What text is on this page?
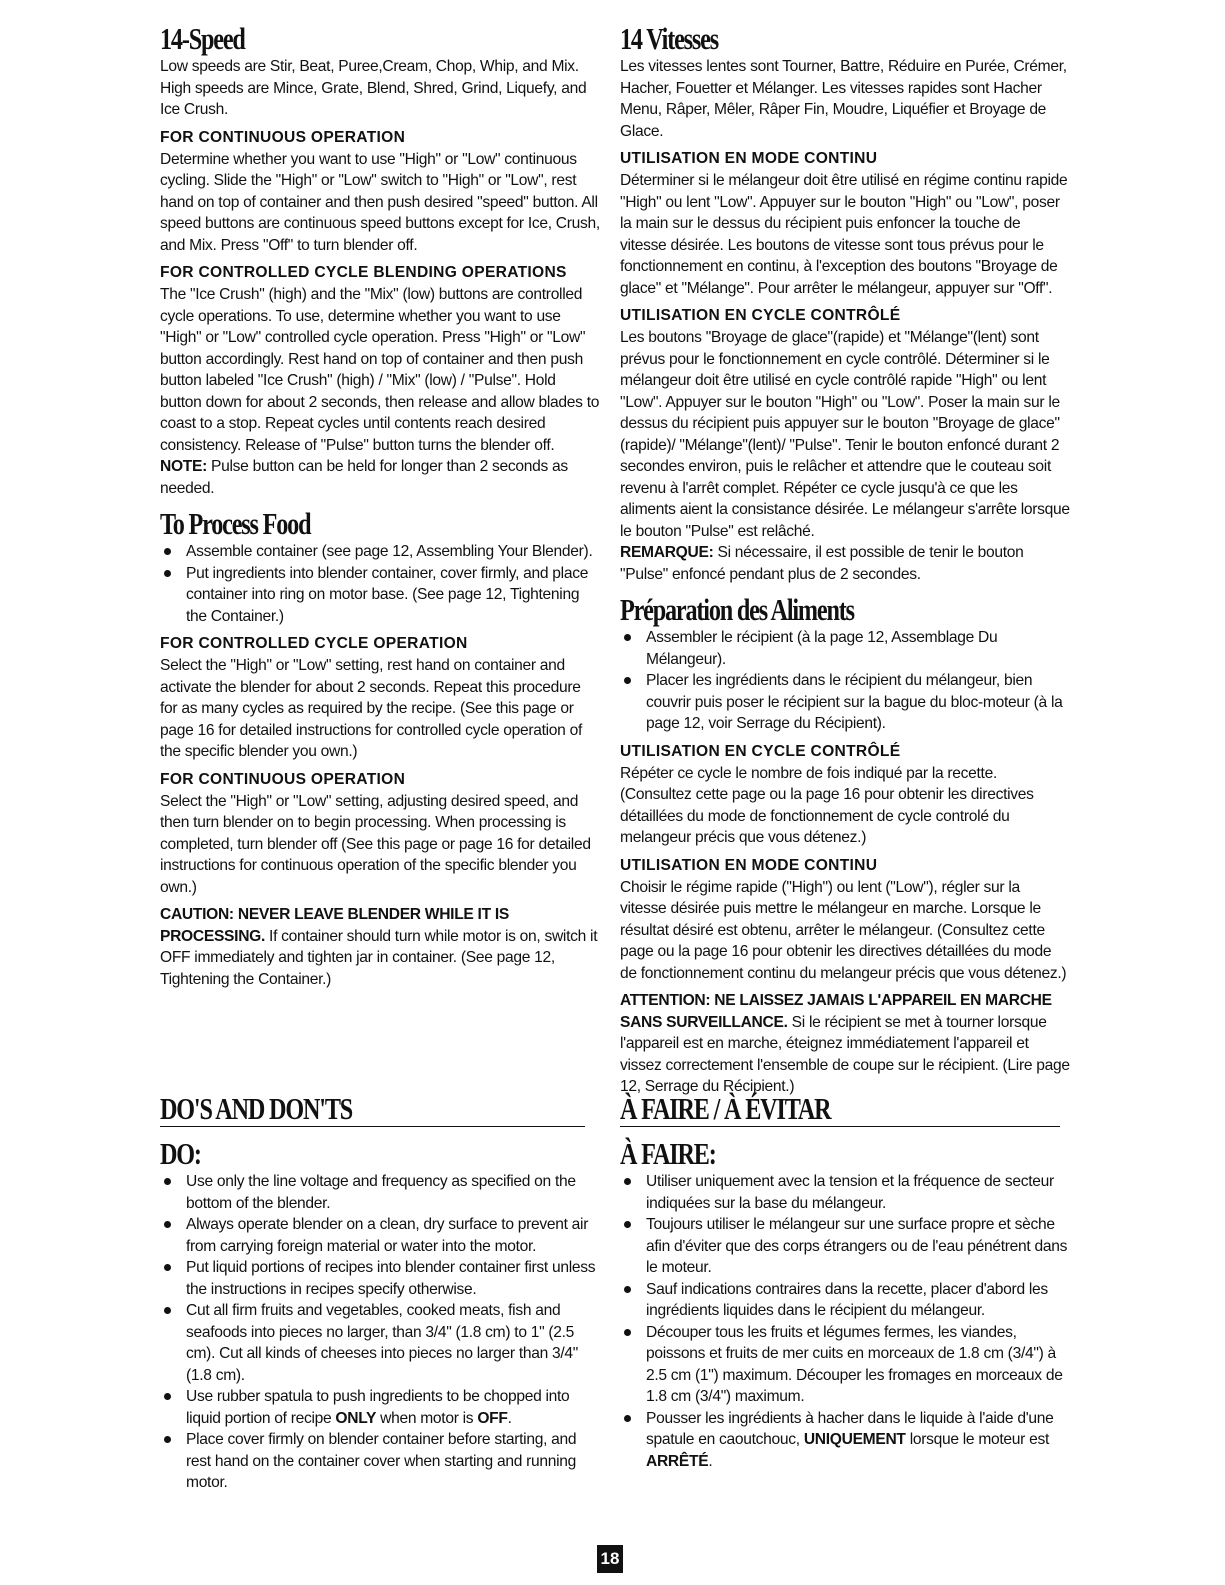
14-Speed

Low speeds are Stir, Beat, Puree,Cream, Chop, Whip, and Mix. High speeds are Mince, Grate, Blend, Shred, Grind, Liquefy, and Ice Crush.

FOR CONTINUOUS OPERATION

Determine whether you want to use "High" or "Low" continuous cycling. Slide the "High" or "Low" switch to "High" or "Low", rest hand on top of container and then push desired "speed" button. All speed buttons are continuous speed buttons except for Ice, Crush, and Mix. Press "Off" to turn blender off.

FOR CONTROLLED CYCLE BLENDING OPERATIONS

The "Ice Crush" (high) and the "Mix" (low) buttons are controlled cycle operations. To use, determine whether you want to use "High" or "Low" controlled cycle operation. Press "High" or "Low" button accordingly. Rest hand on top of container and then push button labeled "Ice Crush" (high) / "Mix" (low) / "Pulse". Hold button down for about 2 seconds, then release and allow blades to coast to a stop. Repeat cycles until contents reach desired consistency. Release of "Pulse" button turns the blender off.

NOTE: Pulse button can be held for longer than 2 seconds as needed.

To Process Food
Assemble container (see page 12, Assembling Your Blender).
Put ingredients into blender container, cover firmly, and place container into ring on motor base. (See page 12, Tightening the Container.)
FOR CONTROLLED CYCLE OPERATION

Select the "High" or "Low" setting, rest hand on container and activate the blender for about 2 seconds. Repeat this procedure for as many cycles as required by the recipe. (See this page or page 16 for detailed instructions for controlled cycle operation of the specific blender you own.)

FOR CONTINUOUS OPERATION

Select the "High" or "Low" setting, adjusting desired speed, and then turn blender on to begin processing. When processing is completed, turn blender off (See this page or page 16 for detailed instructions for continuous operation of the specific blender you own.)

CAUTION: NEVER LEAVE BLENDER WHILE IT IS PROCESSING. If container should turn while motor is on, switch it OFF immediately and tighten jar in container. (See page 12, Tightening the Container.)

DO'S AND DON'TS
DO:
Use only the line voltage and frequency as specified on the bottom of the blender.
Always operate blender on a clean, dry surface to prevent air from carrying foreign material or water into the motor.
Put liquid portions of recipes into blender container first unless the instructions in recipes specify otherwise.
Cut all firm fruits and vegetables, cooked meats, fish and seafoods into pieces no larger, than 3/4" (1.8 cm) to 1" (2.5 cm). Cut all kinds of cheeses into pieces no larger than 3/4" (1.8 cm).
Use rubber spatula to push ingredients to be chopped into liquid portion of recipe ONLY when motor is OFF.
Place cover firmly on blender container before starting, and rest hand on the container cover when starting and running motor.
14 Vitesses

Les vitesses lentes sont Tourner, Battre, Réduire en Purée, Crémer, Hacher, Fouetter et Mélanger. Les vitesses rapides sont Hacher Menu, Râper, Mêler, Râper Fin, Moudre, Liquéfier et Broyage de Glace.

UTILISATION EN MODE CONTINU

Déterminer si le mélangeur doit être utilisé en régime continu rapide "High" ou lent "Low". Appuyer sur le bouton "High" ou "Low", poser la main sur le dessus du récipient puis enfoncer la touche de vitesse désirée. Les boutons de vitesse sont tous prévus pour le fonctionnement en continu, à l'exception des boutons "Broyage de glace" et "Mélange". Pour arrêter le mélangeur, appuyer sur "Off".

UTILISATION EN CYCLE CONTRÔLÉ

Les boutons "Broyage de glace"(rapide) et "Mélange"(lent) sont prévus pour le fonctionnement en cycle contrôlé. Déterminer si le mélangeur doit être utilisé en cycle contrôlé rapide "High" ou lent "Low". Appuyer sur le bouton "High" ou "Low". Poser la main sur le dessus du récipient puis appuyer sur le bouton "Broyage de glace"(rapide)/ "Mélange"(lent)/ "Pulse". Tenir le bouton enfoncé durant 2 secondes environ, puis le relâcher et attendre que le couteau soit revenu à l'arrêt complet. Répéter ce cycle jusqu'à ce que les aliments aient la consistance désirée. Le mélangeur s'arrête lorsque le bouton "Pulse" est relâché.

REMARQUE: Si nécessaire, il est possible de tenir le bouton "Pulse" enfoncé pendant plus de 2 secondes.

Préparation des Aliments
Assembler le récipient (à la page 12, Assemblage Du Mélangeur).
Placer les ingrédients dans le récipient du mélangeur, bien couvrir puis poser le récipient sur la bague du bloc-moteur (à la page 12, voir Serrage du Récipient).
UTILISATION EN CYCLE CONTRÔLÉ

Répéter ce cycle le nombre de fois indiqué par la recette. (Consultez cette page ou la page 16 pour obtenir les directives détaillées du mode de fonctionnement de cycle controlé du melangeur précis que vous détenez.)

UTILISATION EN MODE CONTINU

Choisir le régime rapide ("High") ou lent ("Low"), régler sur la vitesse désirée puis mettre le mélangeur en marche. Lorsque le résultat désiré est obtenu, arrêter le mélangeur. (Consultez cette page ou la page 16 pour obtenir les directives détaillées du mode de fonctionnement continu du melangeur précis que vous détenez.)

ATTENTION: NE LAISSEZ JAMAIS L'APPAREIL EN MARCHE SANS SURVEILLANCE. Si le récipient se met à tourner lorsque l'appareil est en marche, éteignez immédiatement l'appareil et vissez correctement l'ensemble de coupe sur le récipient. (Lire page 12, Serrage du Récipient.)

À FAIRE / À ÉVITAR
À FAIRE:
Utiliser uniquement avec la tension et la fréquence de secteur indiquées sur la base du mélangeur.
Toujours utiliser le mélangeur sur une surface propre et sèche afin d'éviter que des corps étrangers ou de l'eau pénétrent dans le moteur.
Sauf indications contraires dans la recette, placer d'abord les ingrédients liquides dans le récipient du mélangeur.
Découper tous les fruits et légumes fermes, les viandes, poissons et fruits de mer cuits en morceaux de 1.8 cm (3/4") à 2.5 cm (1") maximum. Découper les fromages en morceaux de 1.8 cm (3/4") maximum.
Pousser les ingrédients à hacher dans le liquide à l'aide d'une spatule en caoutchouc, UNIQUEMENT lorsque le moteur est ARRÊTÉ.
18
